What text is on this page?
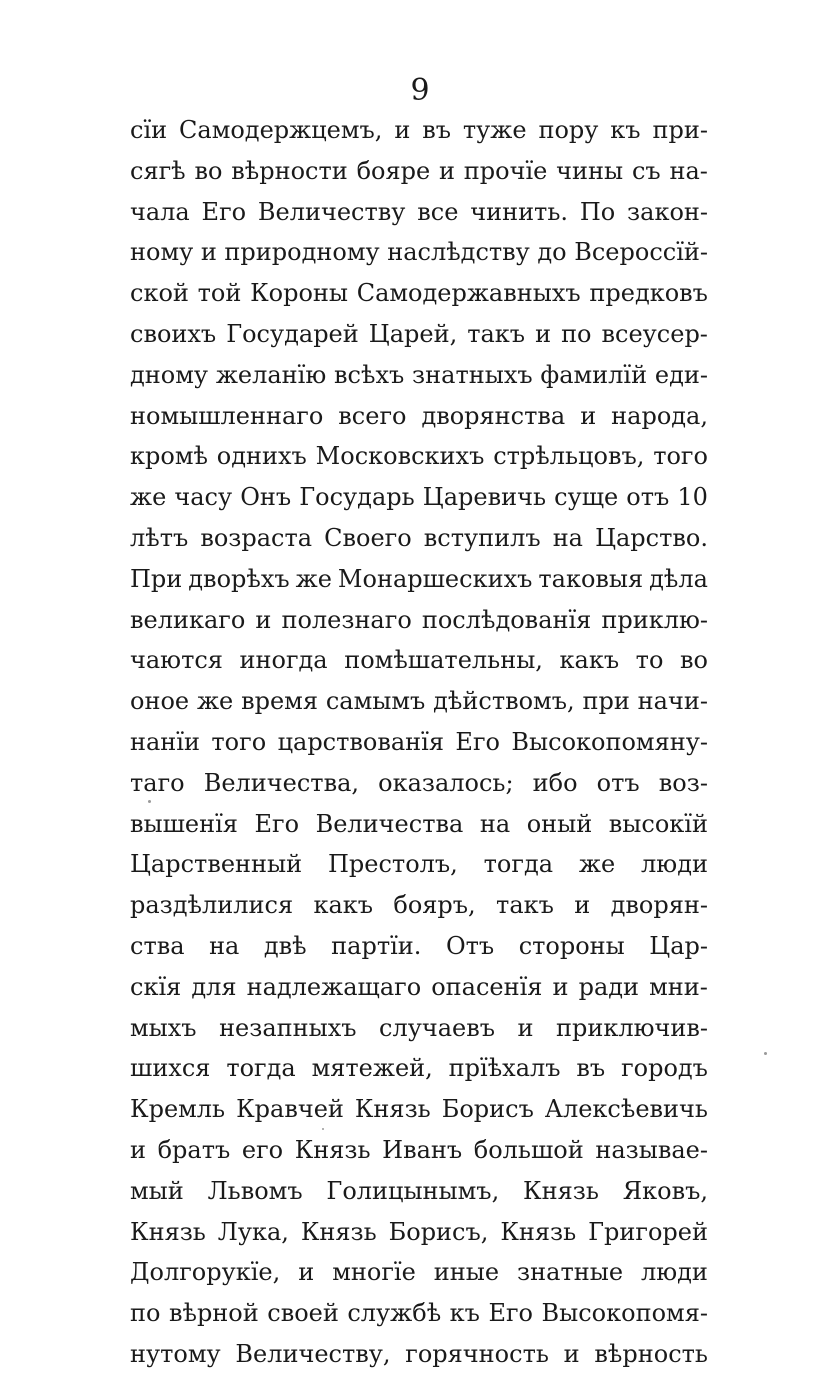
9
сїи Самодержцемъ, и въ тужe пору къ при-
сягѣ во вѣрности бояре и прочїе чины съ на-
чала Его Величеству все чинить. По закон-
ному и природному наслѣдству до Всероссїй-
ской той Короны Самодержавныхъ предковъ
своихъ Государей Царей, такъ и по всеусер-
дному желанїю всѣхъ знатныхъ фамилїй еди-
номышленнаго всего дворянства и народа,
кромѣ однихъ Московскихъ стрѣльцовъ, того
же часу Онъ Государь Царевичь суще отъ 10
лѣтъ возраста Своего вступилъ на Царство.
При дворѣхъ же Монаршескихъ таковыя дѣла
великаго и полезнаго послѣдованїя приклю-
чаются иногда помѣшательны, какъ то во
оное же время самымъ дѣйствомъ, при начи-
нанїи того царствованїя Его Высокопомяну-
таго Величества, оказалось; ибо отъ воз-
вышенїя Его Величества на оный высокїй
Царственный Престолъ, тогда же люди
раздѣлилися какъ бояръ, такъ и дворян-
ства на двѣ партїи. Отъ стороны Цар-
скїя для надлежащаго опасенїя и ради мни-
мыхъ незапныхъ случаевъ и приключив-
шихся тогда мятежей, прїѣхалъ въ городъ
Кремль Кравчей Князь Борисъ Алексѣевичь
и братъ его Князь Иванъ большой называе-
мый Львомъ Голицынымъ, Князь Яковъ,
Князь Лука, Князь Борисъ, Князь Григорей
Долгорукїе, и многїе иные знатные люди
по вѣрной своей службѣ къ Его Высокопомя-
нутому Величеству, горячность и вѣрность
